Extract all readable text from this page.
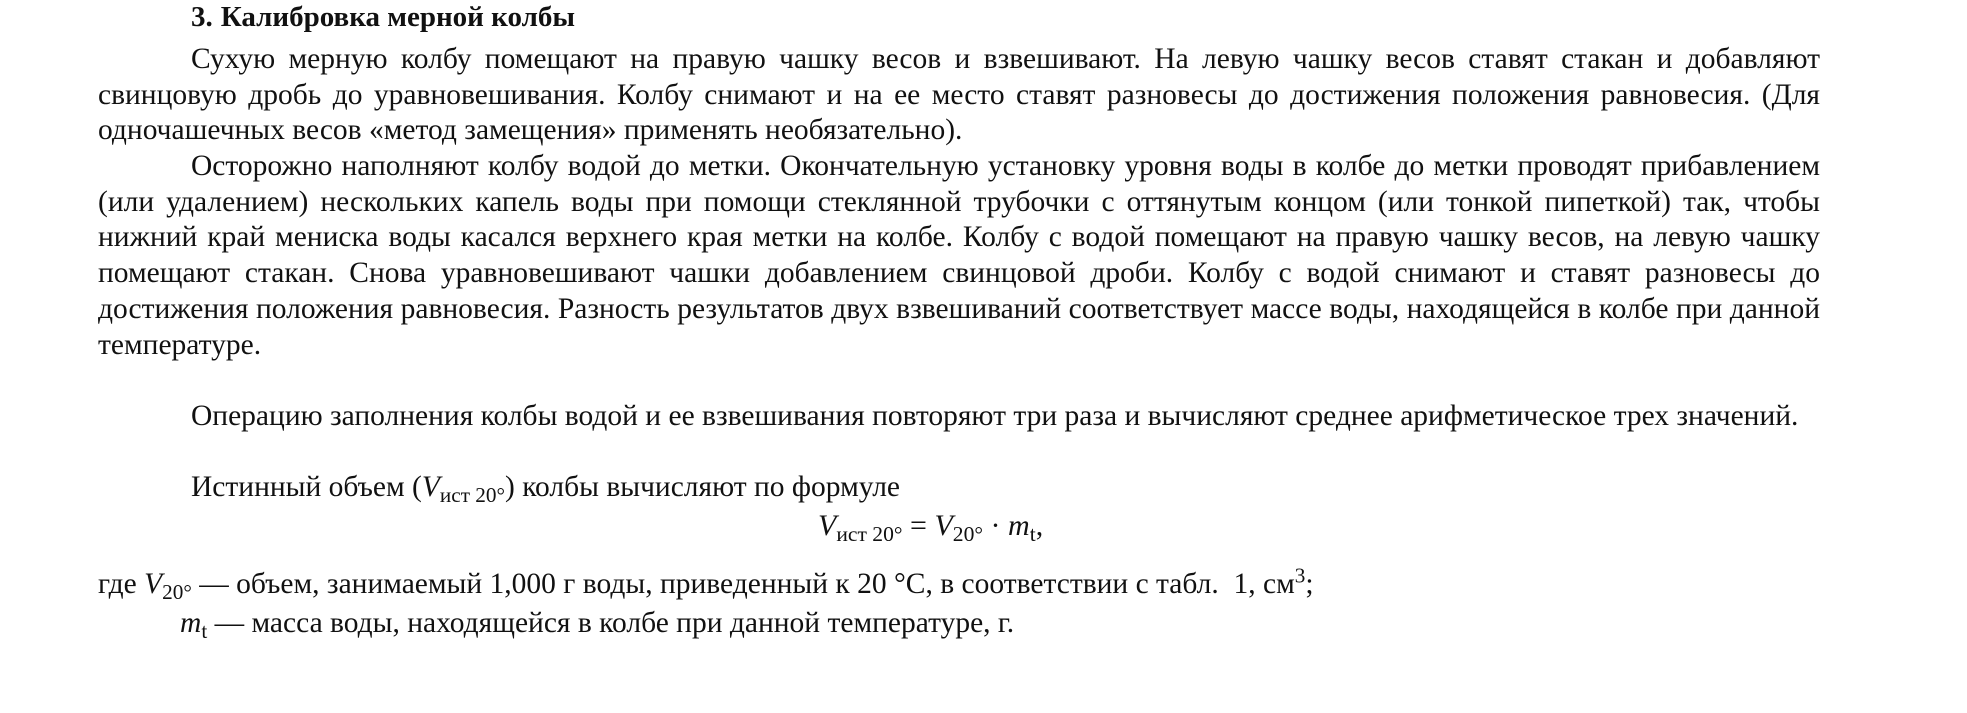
3. Калибровка мерной колбы

Сухую мерную колбу помещают на правую чашку весов и взвешивают. На левую чашку весов ставят стакан и добавляют свинцовую дробь до уравновешивания. Колбу снимают и на ее место ставят разновесы до достижения положения равновесия. (Для одночашечных весов «метод замещения» применять необязательно).

Осторожно наполняют колбу водой до метки. Окончательную установку уровня воды в колбе до метки проводят прибавлением (или удалением) нескольких капель воды при помощи стеклянной трубочки с оттянутым концом (или тонкой пипеткой) так, чтобы нижний край мениска воды касался верхнего края метки на колбе. Колбу с водой помещают на правую чашку весов, на левую чашку помещают стакан. Снова уравновешивают чашки добавлением свинцовой дроби. Колбу с водой снимают и ставят разновесы до достижения положения равновесия. Разность результатов двух взвешиваний соответствует массе воды, находящейся в колбе при данной температуре.

Операцию заполнения колбы водой и ее взвешивания повторяют три раза и вычисляют среднее арифметическое трех значений.

Истинный объем $(V_{ист 20^\circ})$ колбы вычисляют по формуле

$V_{ист 20^\circ} = V_{20^\circ} \cdot m_t$,
где $V_{20^\circ}$ — объем, занимаемый 1,000 г воды, приведенный к 20 °С, в соответствии с табл.  1, $см^3$;
$m_t$ — масса воды, находящейся в колбе при данной температуре, г.
